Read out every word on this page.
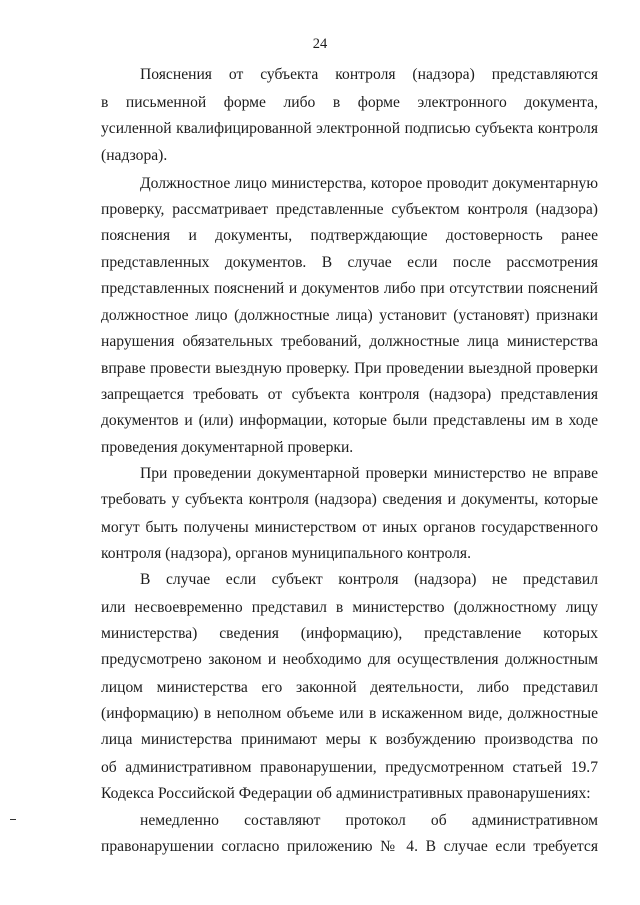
24
Пояснения от субъекта контроля (надзора) представляются
в письменной форме либо в форме электронного документа,
усиленной квалифицированной электронной подписью субъекта контроля
(надзора).
Должностное лицо министерства, которое проводит документарную
проверку, рассматривает представленные субъектом контроля (надзора)
пояснения и документы, подтверждающие достоверность ранее
представленных документов. В случае если после рассмотрения
представленных пояснений и документов либо при отсутствии пояснений
должностное лицо (должностные лица) установит (установят) признаки
нарушения обязательных требований, должностные лица министерства
вправе провести выездную проверку. При проведении выездной проверки
запрещается требовать от субъекта контроля (надзора) представления
документов и (или) информации, которые были представлены им в ходе
проведения документарной проверки.
При проведении документарной проверки министерство не вправе
требовать у субъекта контроля (надзора) сведения и документы, которые
могут быть получены министерством от иных органов государственного
контроля (надзора), органов муниципального контроля.
В случае если субъект контроля (надзора) не представил
или несвоевременно представил в министерство (должностному лицу
министерства) сведения (информацию), представление которых
предусмотрено законом и необходимо для осуществления должностным
лицом министерства его законной деятельности, либо представил
(информацию) в неполном объеме или в искаженном виде, должностные
лица министерства принимают меры к возбуждению производства по
об административном правонарушении, предусмотренном статьей 19.7
Кодекса Российской Федерации об административных правонарушениях:
немедленно составляют протокол об административном
правонарушении согласно приложению № 4. В случае если требуется
